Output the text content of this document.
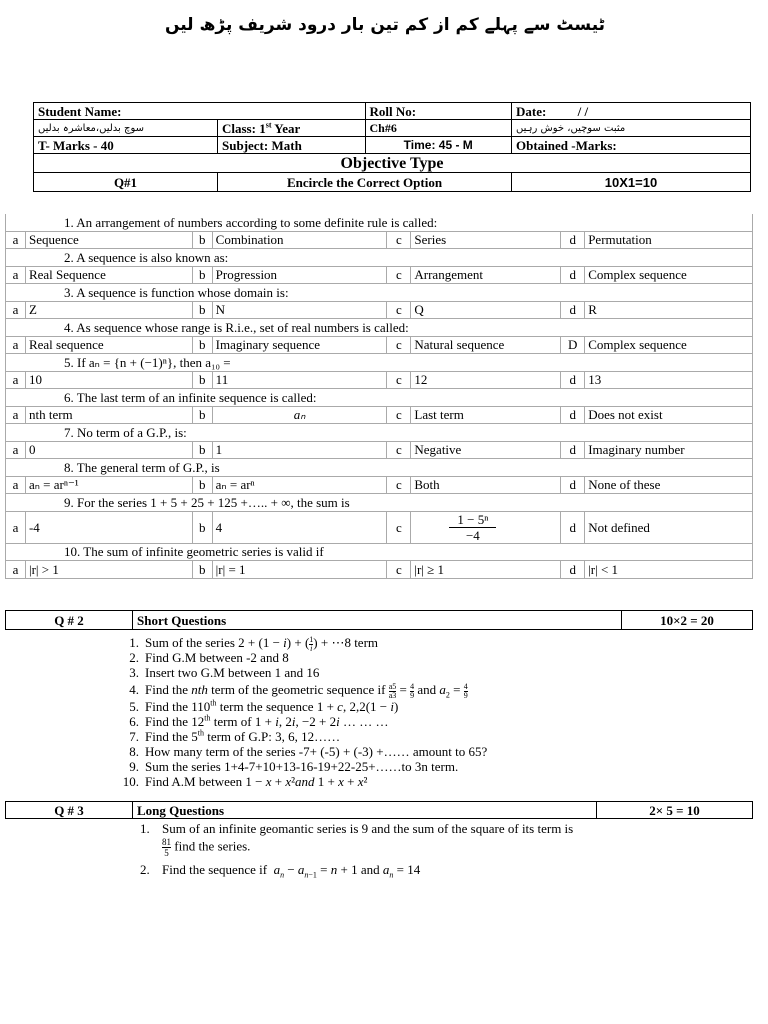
ٹیسٹ سے پہلے کم از کم تین بار درود شریف پڑھ لیں
Student Name:		Roll No:	Date: / /
سوچ بدلیں،معاشرہ بدلیں	Class: 1st Year	Ch#6	مثبت سوچیں، خوش رہیں
T- Marks - 40	Subject: Math	Time: 45 - M	Obtained -Marks:
Objective Type			
Q#1	Encircle the Correct Option		10X1=10
1. An arrangement of numbers according to some definite rule is called:							
a	Sequence	b	Combination	c	Series	d	Permutation
2. A sequence is also known as:							
a	Real Sequence	b	Progression	c	Arrangement	d	Complex sequence
3. A sequence is function whose domain is:							
a	Z	b	N	c	Q	d	R
4. As sequence whose range is R.i.e., set of real numbers is called:							
a	Real sequence	b	Imaginary sequence	c	Natural sequence	D	Complex sequence
5. If aₙ = {n + (−1)ⁿ}, then a₁₀ =							
a	10	b	11	c	12	d	13
6. The last term of an infinite sequence is called:							
a	nth term	b	aₙ	c	Last term	d	Does not exist
7. No term of a G.P., is:							
a	0	b	1	c	Negative	d	Imaginary number
8. The general term of G.P., is							
a	aₙ = arⁿ⁻¹	b	aₙ = arⁿ	c	Both	d	None of these
9. For the series 1 + 5 + 25 + 125 +….. + ∞, the sum is							
a	-4	b	4	c	$\frac{\text{1 − 5ⁿ}}{-4}$	d	Not defined
10. The sum of infinite geometric series is valid if							
a	|r| > 1	b	|r| = 1	c	|r| ≥ 1	d	|r| < 1
Q # 2	Short Questions	10×2 = 20
1. Sum of the series 2 + (1 − i) + ( $\frac{1}{i}$ ) + ⋯8 term
2. Find G.M between -2 and 8
3. Insert two G.M between 1 and 16
4. Find the nth term of the geometric sequence if $\frac{a5}{a3} = \frac{4}{9}$ and $a_2 = \frac{4}{9}$
5. Find the 110th term the sequence 1 + c, 2,2(1 − i)
6. Find the 12th term of 1 + i, 2i, −2 + 2i … … …
7. Find the 5th term of G.P: 3, 6, 12……
8. How many term of the series -7+ (-5) + (-3) +…… amount to 65?
9. Sum the series 1+4-7+10+13-16-19+22-25+……to 3n term.
10. Find A.M between 1 − x + x²and 1 + x + x²
Q # 3	Long Questions	2× 5 = 10
1. Sum of an infinite geomantic series is 9 and the sum of the square of its term is

$\frac{81}{5}$ find the series.
2. Find the sequence if  $a_n - a_{n-1} = n + 1$ and $a_n = 14$
